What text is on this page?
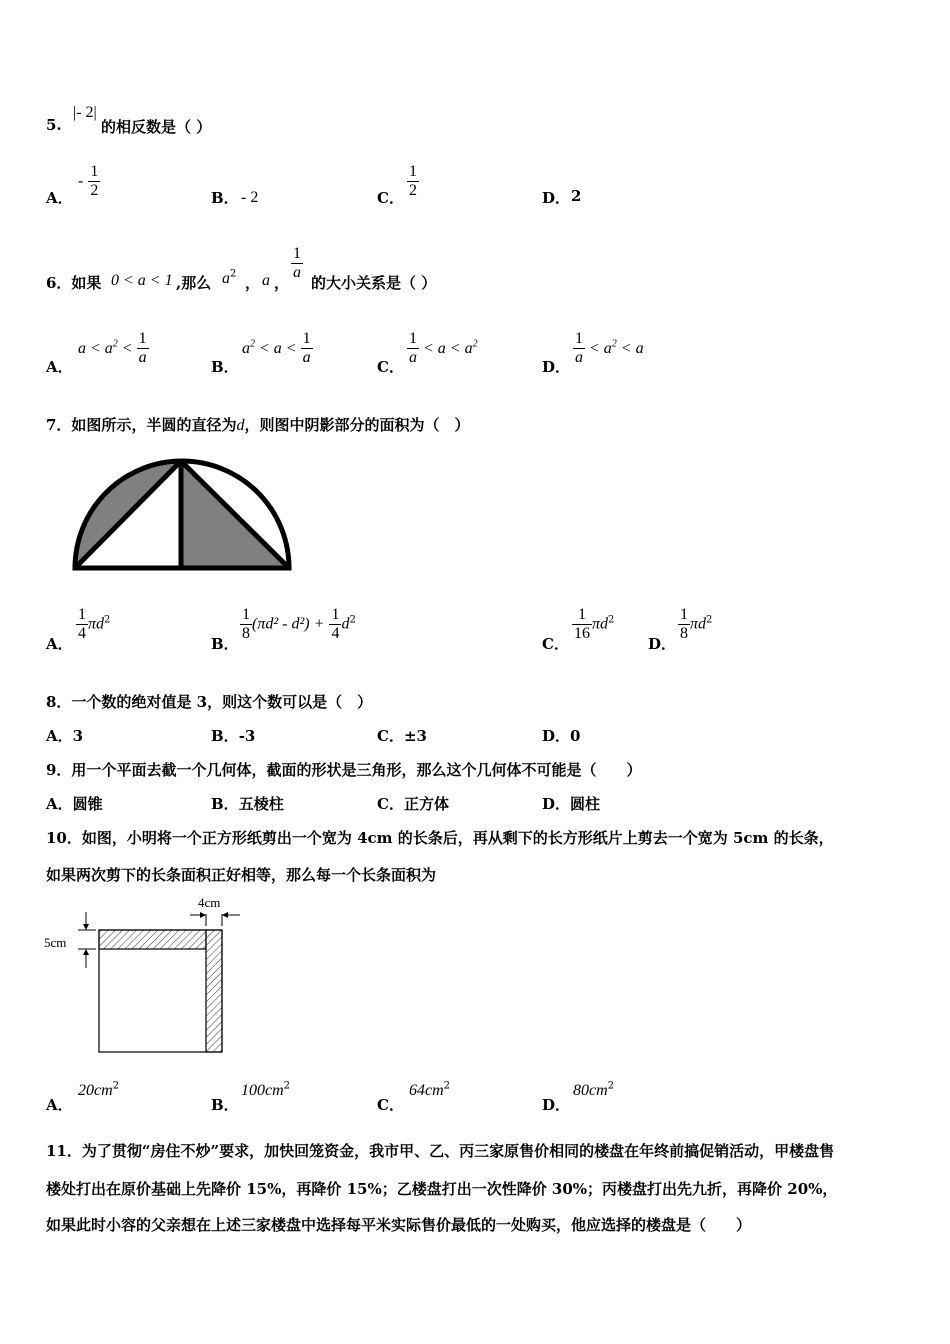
5.
|- 2|
的相反数是（ ）
A．
- $\frac{1}{2}$	B． - 2	C． $\frac{1}{2}$	D． 2
6．如果 0 < a < 1 ,那么 $a^2$ ， a ，
$\frac{1}{a}$
的大小关系是（ ）
A．
$a < a^2 < \frac{1}{a}$	B．
$a^2 < a < \frac{1}{a}$	C． $\frac{1}{a} < a < a^2$
D． $\frac{1}{a} < a^2 < a$
7．如图所示，半圆的直径为d，则图中阴影部分的面积为（　）
A．
$\frac{1}{4} \pi d^2$
B．
$\frac{1}{8} (\pi d^2 - d^2) + \frac{1}{4} d^2$
C．
$\frac{1}{16} \pi d^2$
D．
$\frac{1}{8} \pi d^2$
8．一个数的绝对值是 3，则这个数可以是（　）
A．3	B．-3	C．±3	D．0
9．用一个平面去截一个几何体，截面的形状是三角形，那么这个几何体不可能是（　　）
A．圆锥	B．五棱柱	C．正方体	D．圆柱
10．如图，小明将一个正方形纸剪出一个宽为 4cm 的长条后，再从剩下的长方形纸片上剪去一个宽为 5cm 的长条，
如果两次剪下的长条面积正好相等，那么每一个长条面积为
4cm
5cm
A．
$20cm^2$
B．
$100cm^2$
C．
$64cm^2$
D．
$80cm^2$
11．为了贯彻“房住不炒”要求，加快回笼资金，我市甲、乙、丙三家原售价相同的楼盘在年终前搞促销活动，甲楼盘售
楼处打出在原价基础上先降价 15%，再降价 15%；乙楼盘打出一次性降价 30%；丙楼盘打出先九折，再降价 20%，
如果此时小容的父亲想在上述三家楼盘中选择每平米实际售价最低的一处购买，他应选择的楼盘是（　　）
